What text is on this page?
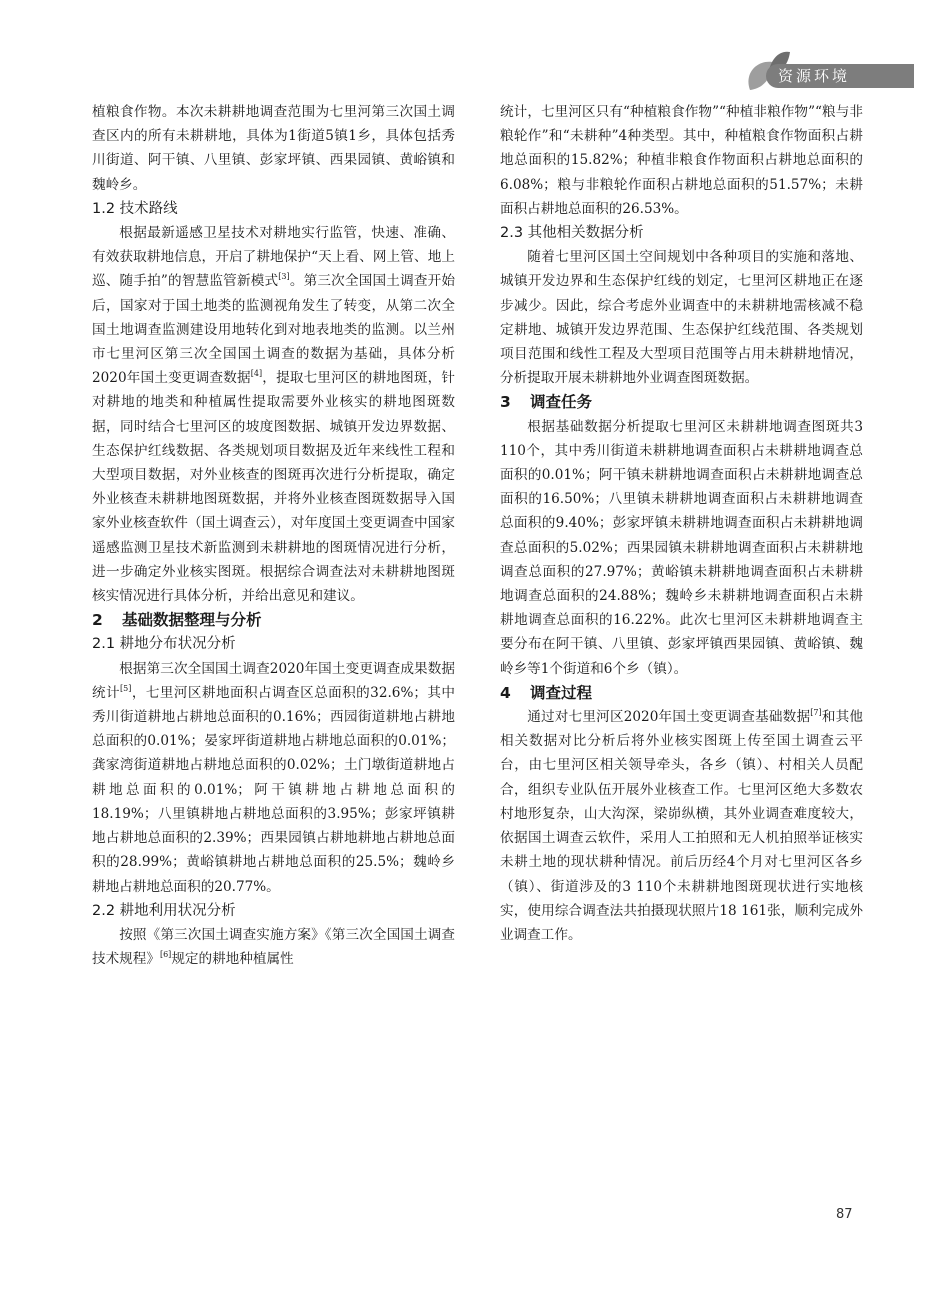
资源环境

植粮食作物。本次未耕耕地调查范围为七里河第三次国土调查区内的所有未耕耕地，具体为1街道5镇1乡，具体包括秀川街道、阿干镇、八里镇、彭家坪镇、西果园镇、黄峪镇和魏岭乡。

1.2 技术路线

根据最新遥感卫星技术对耕地实行监管，快速、准确、有效获取耕地信息，开启了耕地保护“天上看、网上管、地上巡、随手拍”的智慧监管新模式[3]。第三次全国国土调查开始后，国家对于国土地类的监测视角发生了转变，从第二次全国土地调查监测建设用地转化到对地表地类的监测。以兰州市七里河区第三次全国国土调查的数据为基础，具体分析2020年国土变更调查数据[4]，提取七里河区的耕地图斑，针对耕地的地类和种植属性提取需要外业核实的耕地图斑数据，同时结合七里河区的坡度图数据、城镇开发边界数据、生态保护红线数据、各类规划项目数据及近年来线性工程和大型项目数据，对外业核查的图斑再次进行分析提取，确定外业核查未耕耕地图斑数据，并将外业核查图斑数据导入国家外业核查软件（国土调查云），对年度国土变更调查中国家遥感监测卫星技术新监测到未耕耕地的图斑情况进行分析，进一步确定外业核实图斑。根据综合调查法对未耕耕地图斑核实情况进行具体分析，并给出意见和建议。

2 基础数据整理与分析
2.1 耕地分布状况分析

根据第三次全国国土调查2020年国土变更调查成果数据统计[5]，七里河区耕地面积占调查区总面积的32.6%；其中秀川街道耕地占耕地总面积的0.16%；西园街道耕地占耕地总面积的0.01%；晏家坪街道耕地占耕地总面积的0.01%；龚家湾街道耕地占耕地总面积的0.02%；土门墩街道耕地占耕地总面积的0.01%；阿干镇耕地占耕地总面积的18.19%；八里镇耕地占耕地总面积的3.95%；彭家坪镇耕地占耕地总面积的2.39%；西果园镇占耕地耕地占耕地总面积的28.99%；黄峪镇耕地占耕地总面积的25.5%；魏岭乡耕地占耕地总面积的20.77%。

2.2 耕地利用状况分析

按照《第三次国土调查实施方案》《第三次全国国土调查技术规程》[6]规定的耕地种植属性

统计，七里河区只有“种植粮食作物”“种植非粮作物”“粮与非粮轮作”和“未耕种”4种类型。其中，种植粮食作物面积占耕地总面积的15.82%；种植非粮食作物面积占耕地总面积的6.08%；粮与非粮轮作面积占耕地总面积的51.57%；未耕面积占耕地总面积的26.53%。

2.3 其他相关数据分析

随着七里河区国土空间规划中各种项目的实施和落地、城镇开发边界和生态保护红线的划定，七里河区耕地正在逐步减少。因此，综合考虑外业调查中的未耕耕地需核减不稳定耕地、城镇开发边界范围、生态保护红线范围、各类规划项目范围和线性工程及大型项目范围等占用未耕耕地情况，分析提取开展未耕耕地外业调查图斑数据。

3 调查任务

根据基础数据分析提取七里河区未耕耕地调查图斑共3 110个，其中秀川街道未耕耕地调查面积占未耕耕地调查总面积的0.01%；阿干镇未耕耕地调查面积占未耕耕地调查总面积的16.50%；八里镇未耕耕地调查面积占未耕耕地调查总面积的9.40%；彭家坪镇未耕耕地调查面积占未耕耕地调查总面积的5.02%；西果园镇未耕耕地调查面积占未耕耕地调查总面积的27.97%；黄峪镇未耕耕地调查面积占未耕耕地调查总面积的24.88%；魏岭乡未耕耕地调查面积占未耕耕地调查总面积的16.22%。此次七里河区未耕耕地调查主要分布在阿干镇、八里镇、彭家坪镇西果园镇、黄峪镇、魏岭乡等1个街道和6个乡（镇）。

4 调查过程

通过对七里河区2020年国土变更调查基础数据[7]和其他相关数据对比分析后将外业核实图斑上传至国土调查云平台，由七里河区相关领导牵头，各乡（镇）、村相关人员配合，组织专业队伍开展外业核查工作。七里河区绝大多数农村地形复杂，山大沟深，梁峁纵横，其外业调查难度较大，依据国土调查云软件，采用人工拍照和无人机拍照举证核实未耕土地的现状耕种情况。前后历经4个月对七里河区各乡（镇）、街道涉及的3 110个未耕耕地图斑现状进行实地核实，使用综合调查法共拍摄现状照片18 161张，顺利完成外业调查工作。

87
